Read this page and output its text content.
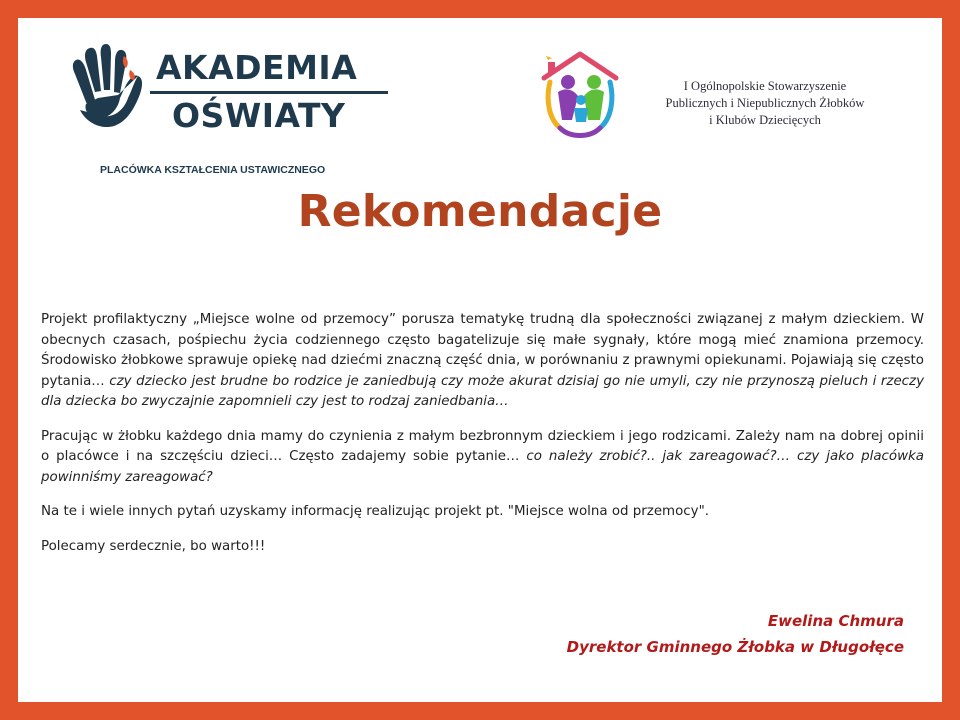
AKADEMIA
OŚWIATY
PLACÓWKA KSZTAŁCENIA USTAWICZNEGO
I Ogólnopolskie Stowarzyszenie
Publicznych i Niepublicznych Żłobków
i Klubów Dziecięcych
Rekomendacje

Projekt profilaktyczny „Miejsce wolne od przemocy” porusza tematykę trudną dla społeczności związanej z małym dzieckiem. W obecnych czasach, pośpiechu życia codziennego często bagatelizuje się małe sygnały, które mogą mieć znamiona przemocy. Środowisko żłobkowe sprawuje opiekę nad dziećmi znaczną część dnia, w porównaniu z prawnymi opiekunami. Pojawiają się często pytania… czy dziecko jest brudne bo rodzice je zaniedbują czy może akurat dzisiaj go nie umyli, czy nie przynoszą pieluch i rzeczy dla dziecka bo zwyczajnie zapomnieli czy jest to rodzaj zaniedbania…

Pracując w żłobku każdego dnia mamy do czynienia z małym bezbronnym dzieckiem i jego rodzicami. Zależy nam na dobrej opinii o placówce i na szczęściu dzieci… Często zadajemy sobie pytanie… co należy zrobić?.. jak zareagować?… czy jako placówka powinniśmy zareagować?

Na te i wiele innych pytań uzyskamy informację realizując projekt pt. "Miejsce wolna od przemocy".

Polecamy serdecznie, bo warto!!!

Ewelina Chmura
Dyrektor Gminnego Żłobka w Długołęce
